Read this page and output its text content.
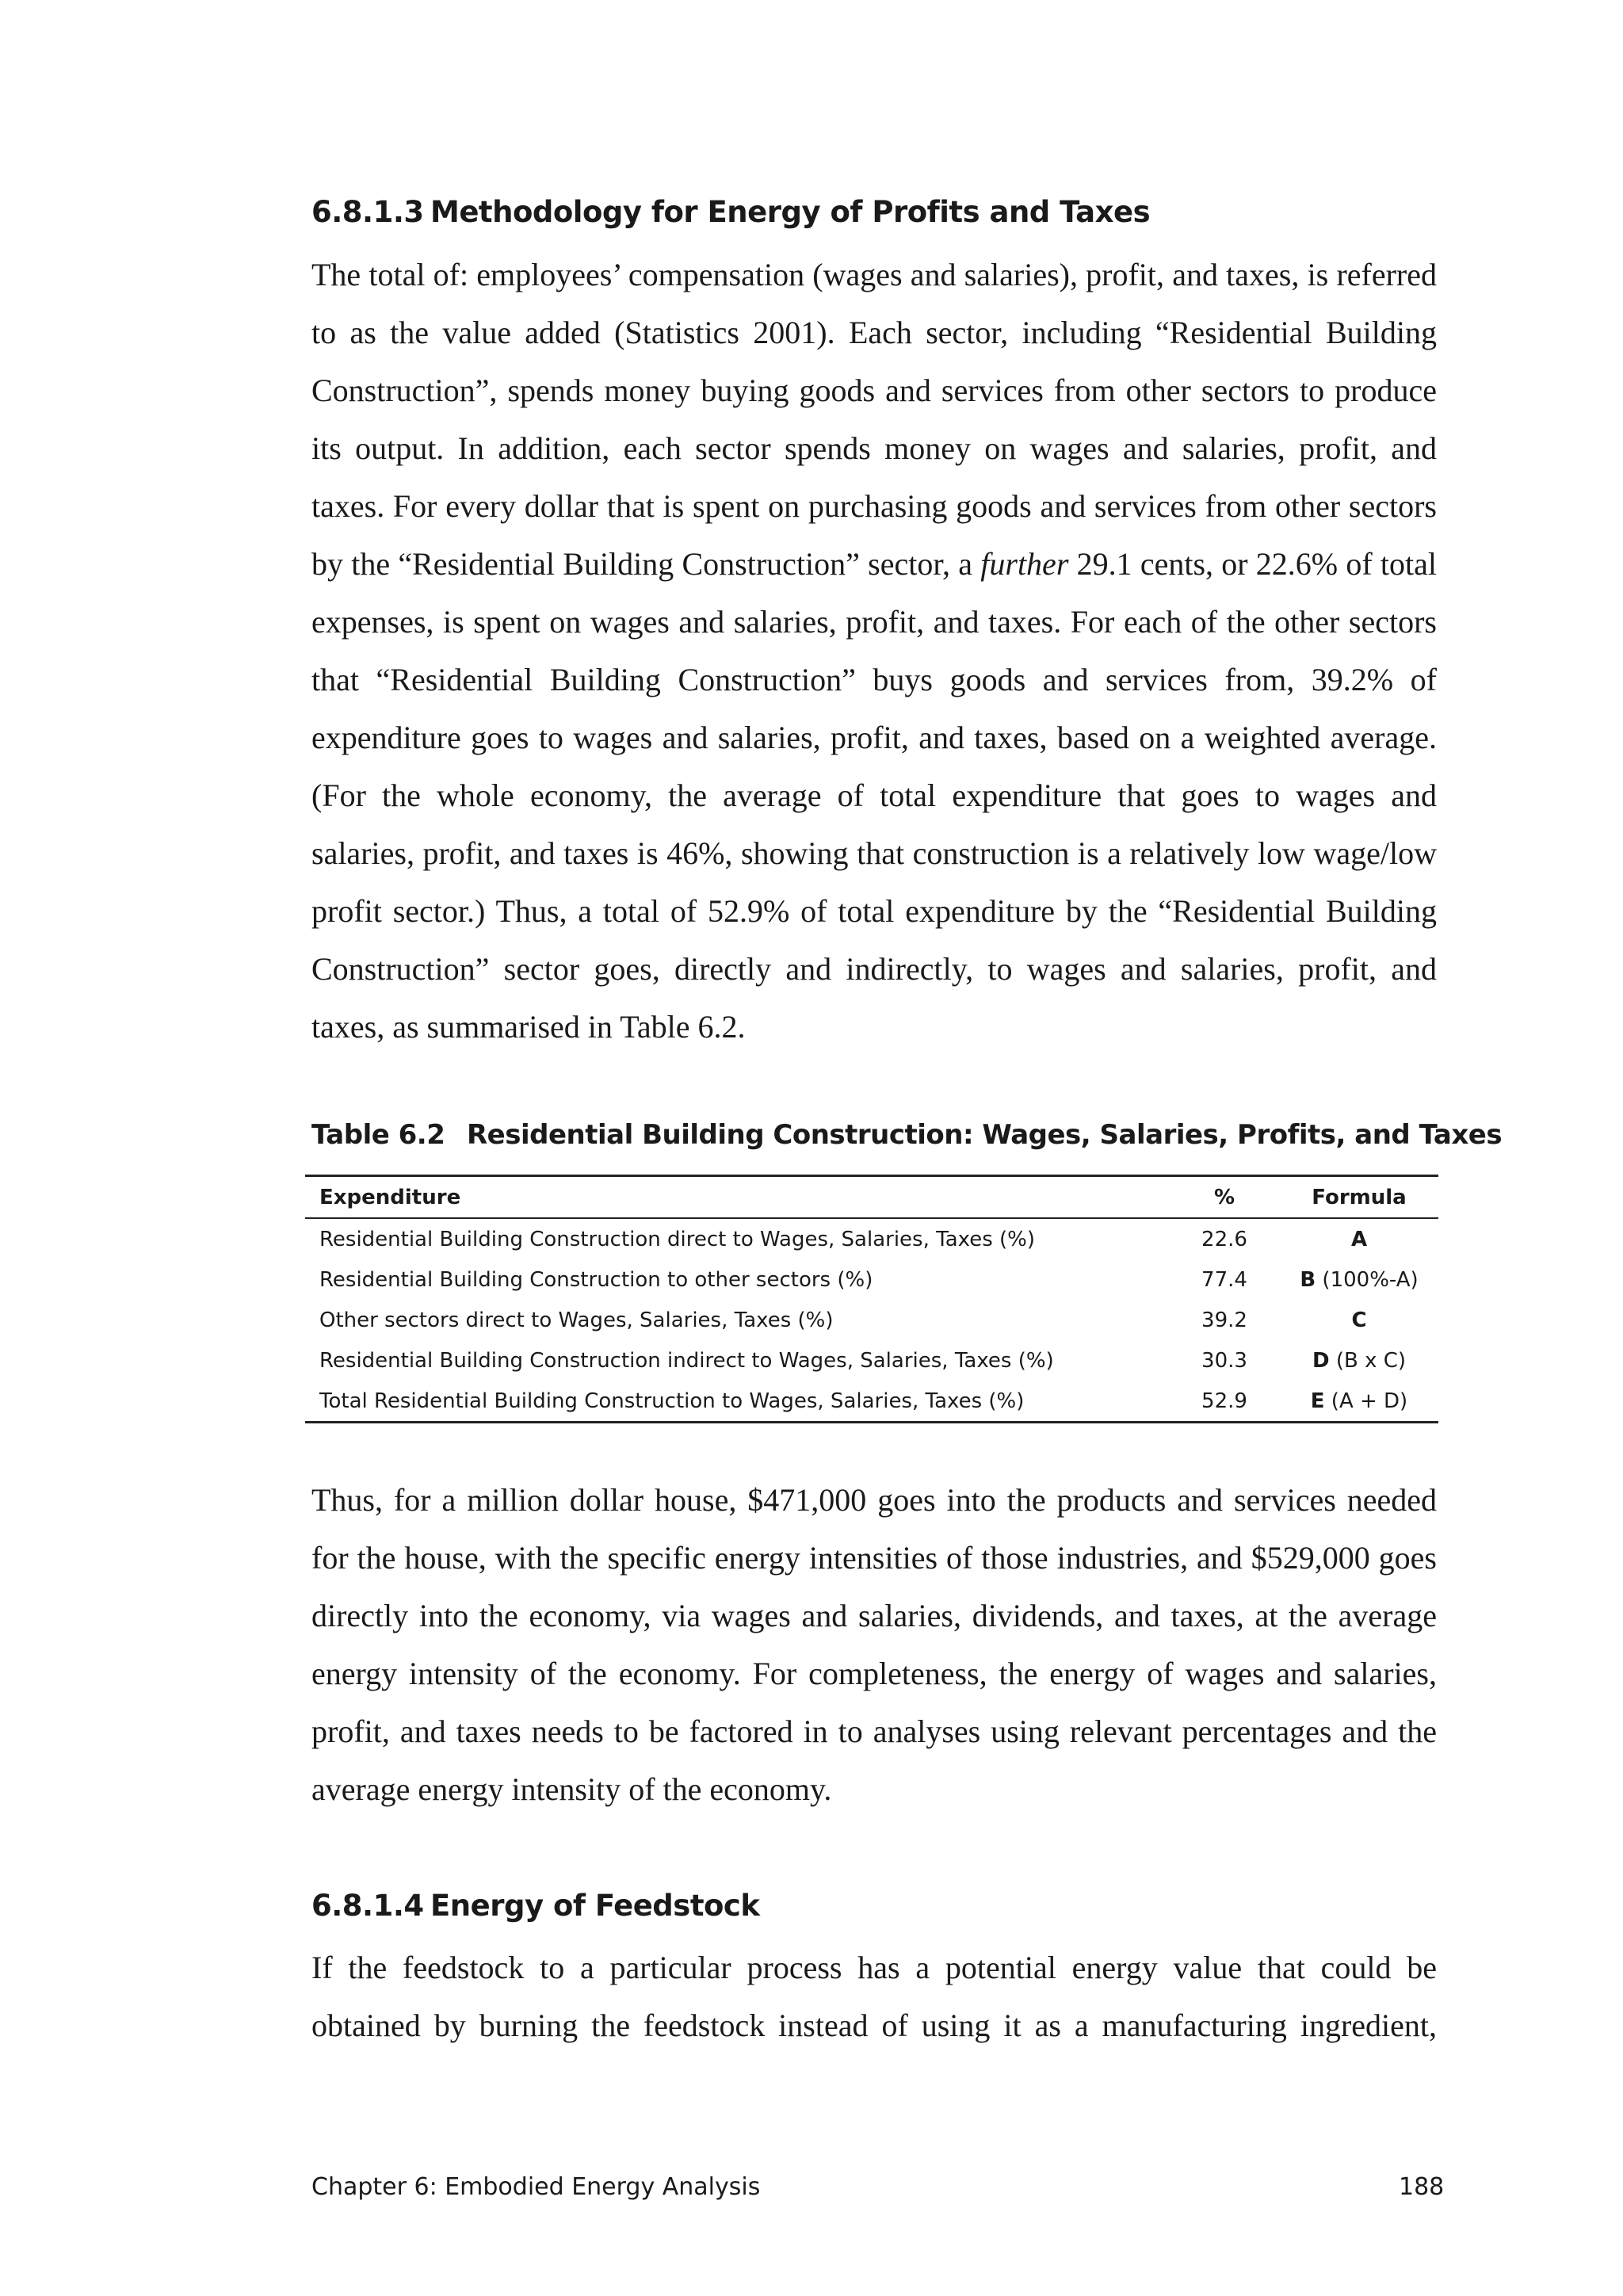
6.8.1.3 Methodology for Energy of Profits and Taxes

The total of: employees’ compensation (wages and salaries), profit, and taxes, is referred to as the value added (Statistics 2001). Each sector, including “Residential Building Construction”, spends money buying goods and services from other sectors to produce its output. In addition, each sector spends money on wages and salaries, profit, and taxes. For every dollar that is spent on purchasing goods and services from other sectors by the “Residential Building Construction” sector, a further 29.1 cents, or 22.6% of total expenses, is spent on wages and salaries, profit, and taxes. For each of the other sectors that “Residential Building Construction” buys goods and services from, 39.2% of expenditure goes to wages and salaries, profit, and taxes, based on a weighted average. (For the whole economy, the average of total expenditure that goes to wages and salaries, profit, and taxes is 46%, showing that construction is a relatively low wage/low profit sector.) Thus, a total of 52.9% of total expenditure by the “Residential Building Construction” sector goes, directly and indirectly, to wages and salaries, profit, and taxes, as summarised in Table 6.2.

Table 6.2 Residential Building Construction: Wages, Salaries, Profits, and Taxes

Expenditure	%	Formula
Residential Building Construction direct to Wages, Salaries, Taxes (%)	22.6	A
Residential Building Construction to other sectors (%)	77.4	B (100%-A)
Other sectors direct to Wages, Salaries, Taxes (%)	39.2	C
Residential Building Construction indirect to Wages, Salaries, Taxes (%)	30.3	D (B x C)
Total Residential Building Construction to Wages, Salaries, Taxes (%)	52.9	E (A + D)

Thus, for a million dollar house, $471,000 goes into the products and services needed for the house, with the specific energy intensities of those industries, and $529,000 goes directly into the economy, via wages and salaries, dividends, and taxes, at the average energy intensity of the economy. For completeness, the energy of wages and salaries, profit, and taxes needs to be factored in to analyses using relevant percentages and the average energy intensity of the economy.

6.8.1.4 Energy of Feedstock

If the feedstock to a particular process has a potential energy value that could be obtained by burning the feedstock instead of using it as a manufacturing ingredient,

Chapter 6: Embodied Energy Analysis	188
